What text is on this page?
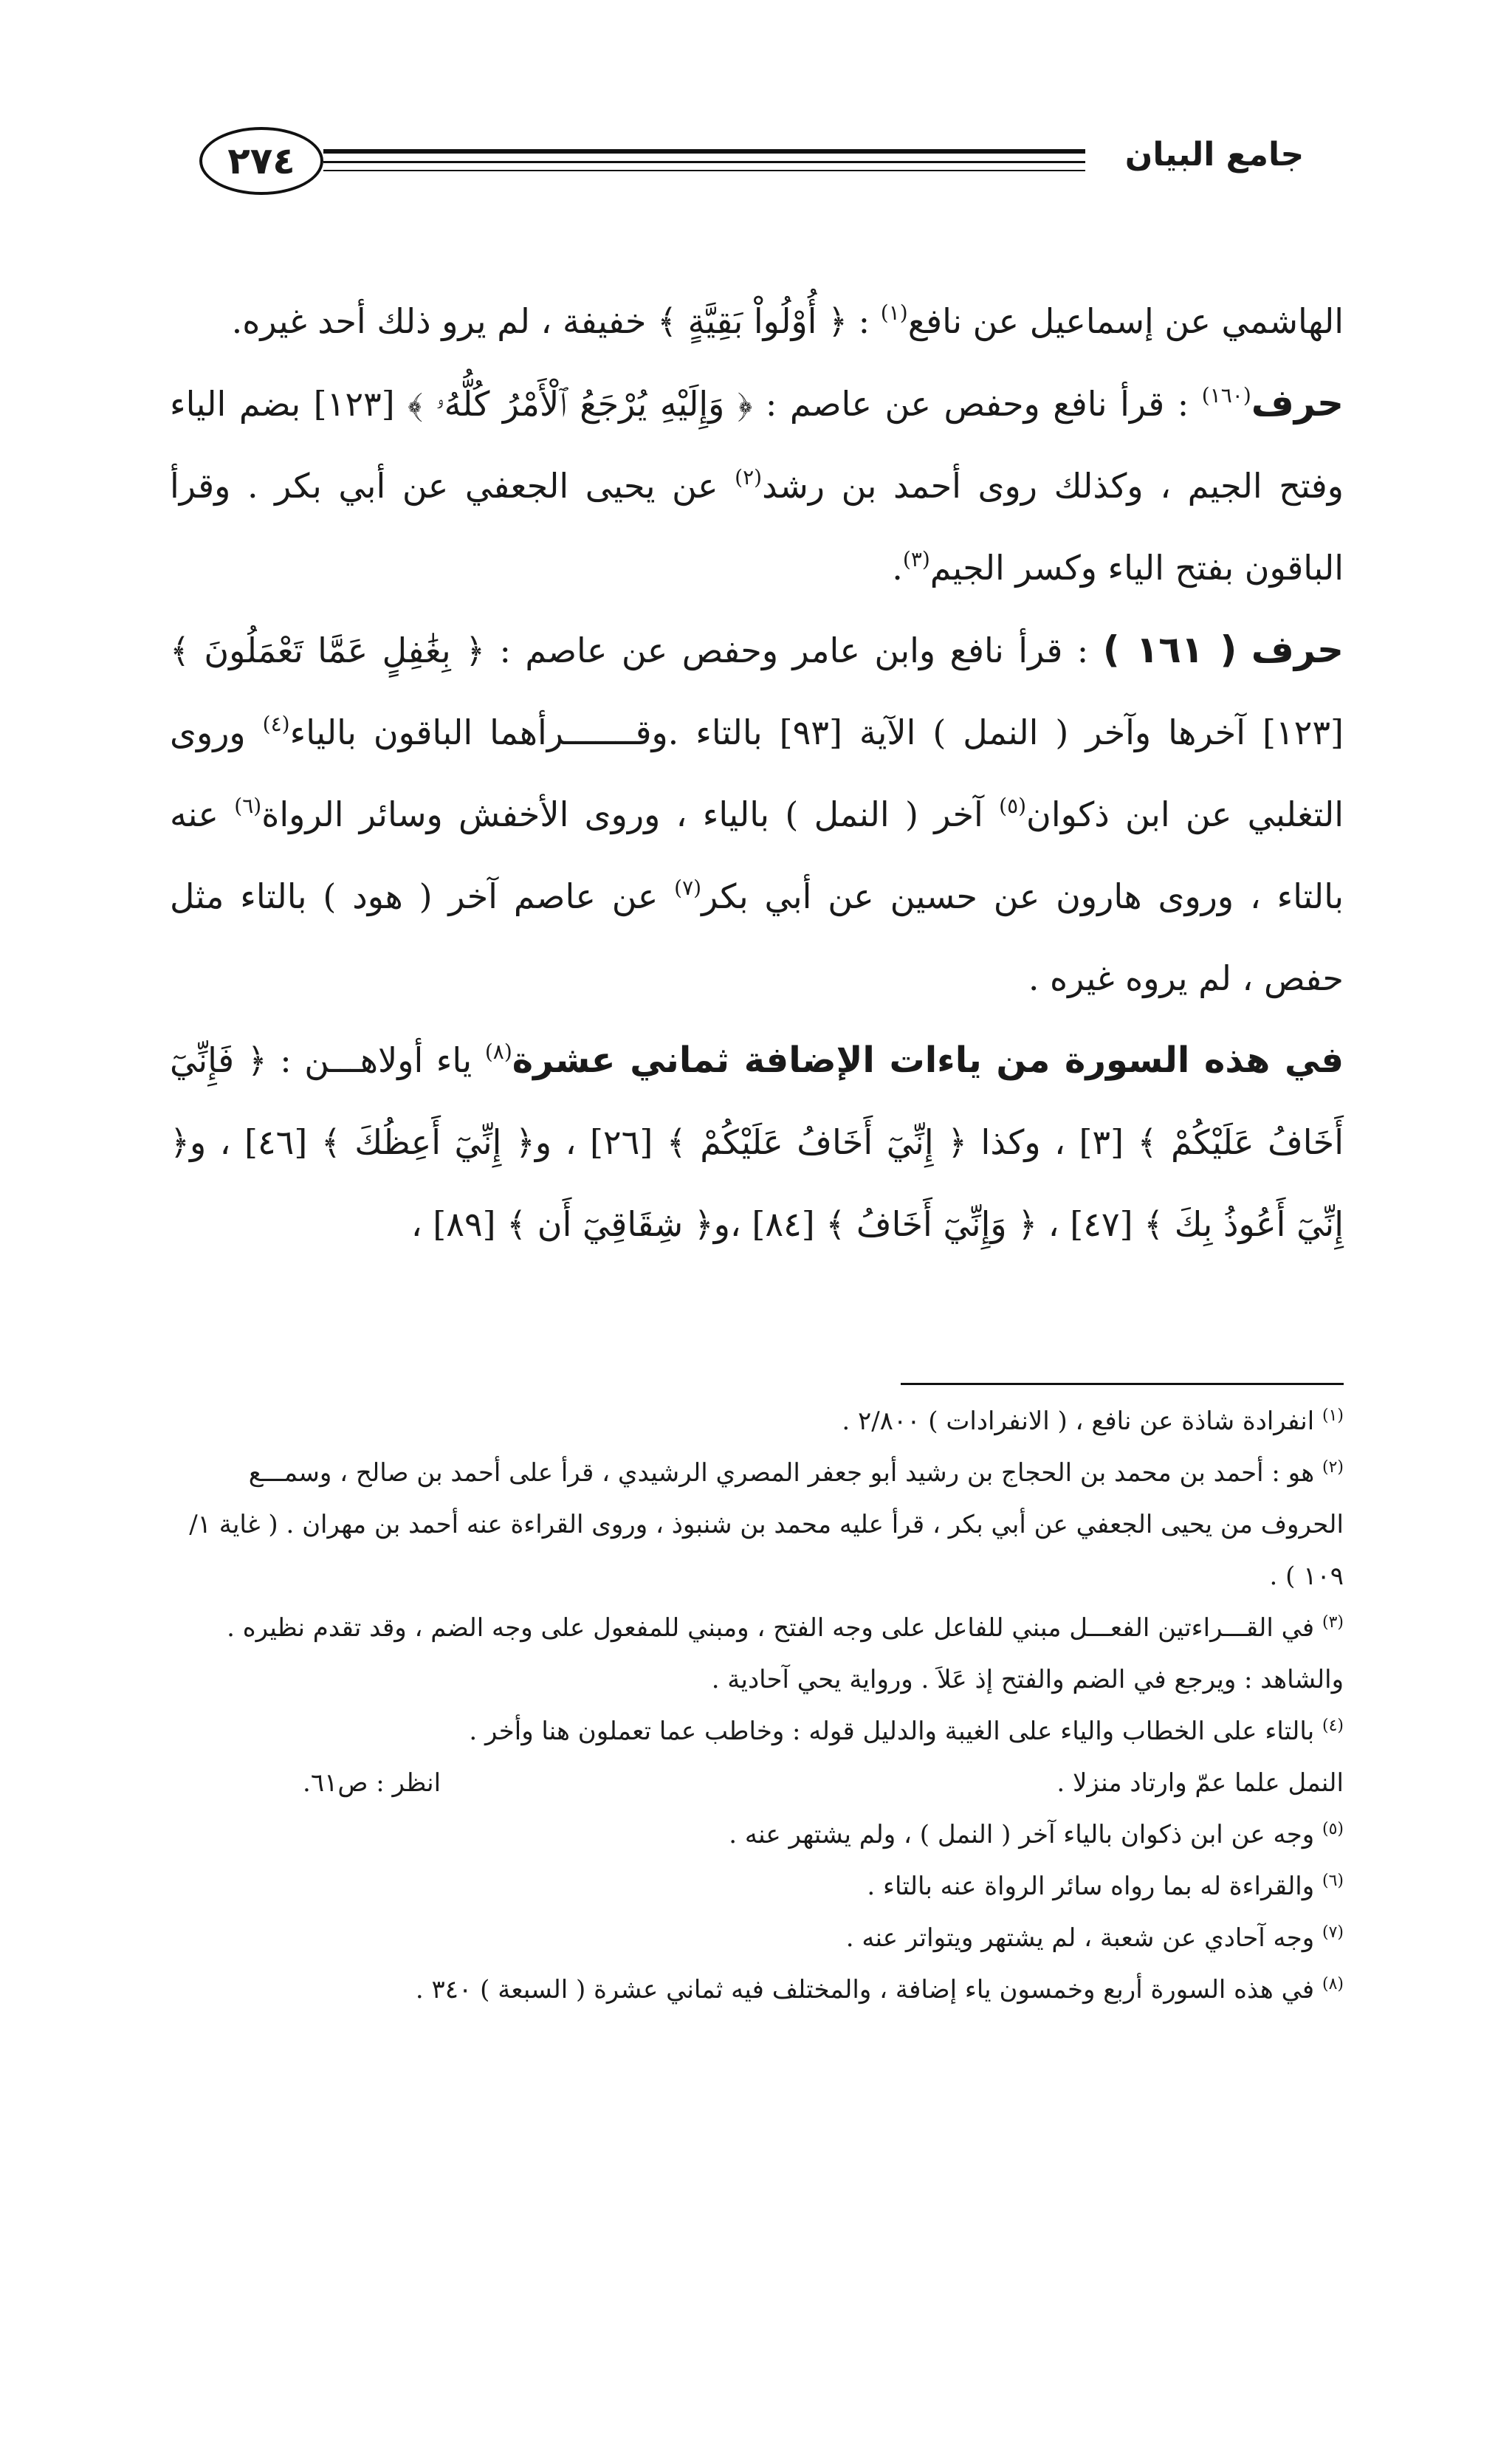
٢٧٤	جامع البيان

الهاشمي عن إسماعيل عن نافع$^{(١)}$ : ﴿ أُوْلُواْ بَقِيَّةٍ ﴾ خفيفة ، لم يرو ذلك أحد غيره.

حرف$^{(١٦٠)}$ : قرأ نافع وحفص عن عاصم : ﴿ وَإِلَيْهِ يُرْجَعُ ٱلْأَمْرُ كُلُّهُۥ ﴾ [١٢٣] بضم الياء وفتح الجيم ، وكذلك روى أحمد بن رشد$^{(٢)}$ عن يحيى الجعفي عن أبي بكر . وقرأ الباقون بفتح الياء وكسر الجيم$^{(٣)}$.

حرف ( ١٦١ ) : قرأ نافع وابن عامر وحفص عن عاصم : ﴿ بِغَٰفِلٍ عَمَّا تَعْمَلُونَ ﴾ [١٢٣] آخرها وآخر ( النمل ) الآية [٩٣] بالتاء .وقـــــــرأهما الباقون بالياء$^{(٤)}$ وروى التغلبي عن ابن ذكوان$^{(٥)}$ آخر ( النمل ) بالياء ، وروى الأخفش وسائر الرواة$^{(٦)}$ عنه بالتاء ، وروى هارون عن حسين عن أبي بكر$^{(٧)}$ عن عاصم آخر ( هود ) بالتاء مثل حفص ، لم يروه غيره .

في هذه السورة من ياءات الإضافة ثماني عشرة$^{(٨)}$ ياء أولاهـــن : ﴿ فَإِنِّيٓ أَخَافُ عَلَيْكُمْ ﴾ [٣] ، وكذا ﴿ إِنِّيٓ أَخَافُ عَلَيْكُمْ ﴾ [٢٦] ، و﴿ إِنِّيٓ أَعِظُكَ ﴾ [٤٦] ، و﴿ إِنِّيٓ أَعُوذُ بِكَ ﴾ [٤٧] ، ﴿ وَإِنِّيٓ أَخَافُ ﴾ [٨٤] ،و﴿ شِقَاقِيٓ أَن ﴾ [٨٩] ،

$^{(١)}$ انفرادة شاذة عن نافع ، ( الانفرادات ) ٢/٨٠٠ .

$^{(٢)}$ هو : أحمد بن محمد بن الحجاج بن رشيد أبو جعفر المصري الرشيدي ، قرأ على أحمد بن صالح ، وسمـــع الحروف من يحيى الجعفي عن أبي بكر ، قرأ عليه محمد بن شنبوذ ، وروى القراءة عنه أحمد بن مهران . ( غاية ١/ ١٠٩ ) .

$^{(٣)}$ في القـــراءتين الفعـــل مبني للفاعل على وجه الفتح ، ومبني للمفعول على وجه الضم ، وقد تقدم نظيره . والشاهد : ويرجع في الضم والفتح إذ عَلاَ . ورواية يحي آحادية .

$^{(٤)}$ بالتاء على الخطاب والياء على الغيبة والدليل قوله : وخاطب عما تعملون هنا وأخر .

النمل علما عمّ وارتاد منزلا .
انظر : ص٦١.

$^{(٥)}$ وجه عن ابن ذكوان بالياء آخر ( النمل ) ، ولم يشتهر عنه .

$^{(٦)}$ والقراءة له بما رواه سائر الرواة عنه بالتاء .

$^{(٧)}$ وجه آحادي عن شعبة ، لم يشتهر ويتواتر عنه .

$^{(٨)}$ في هذه السورة أربع وخمسون ياء إضافة ، والمختلف فيه ثماني عشرة ( السبعة ) ٣٤٠ .
